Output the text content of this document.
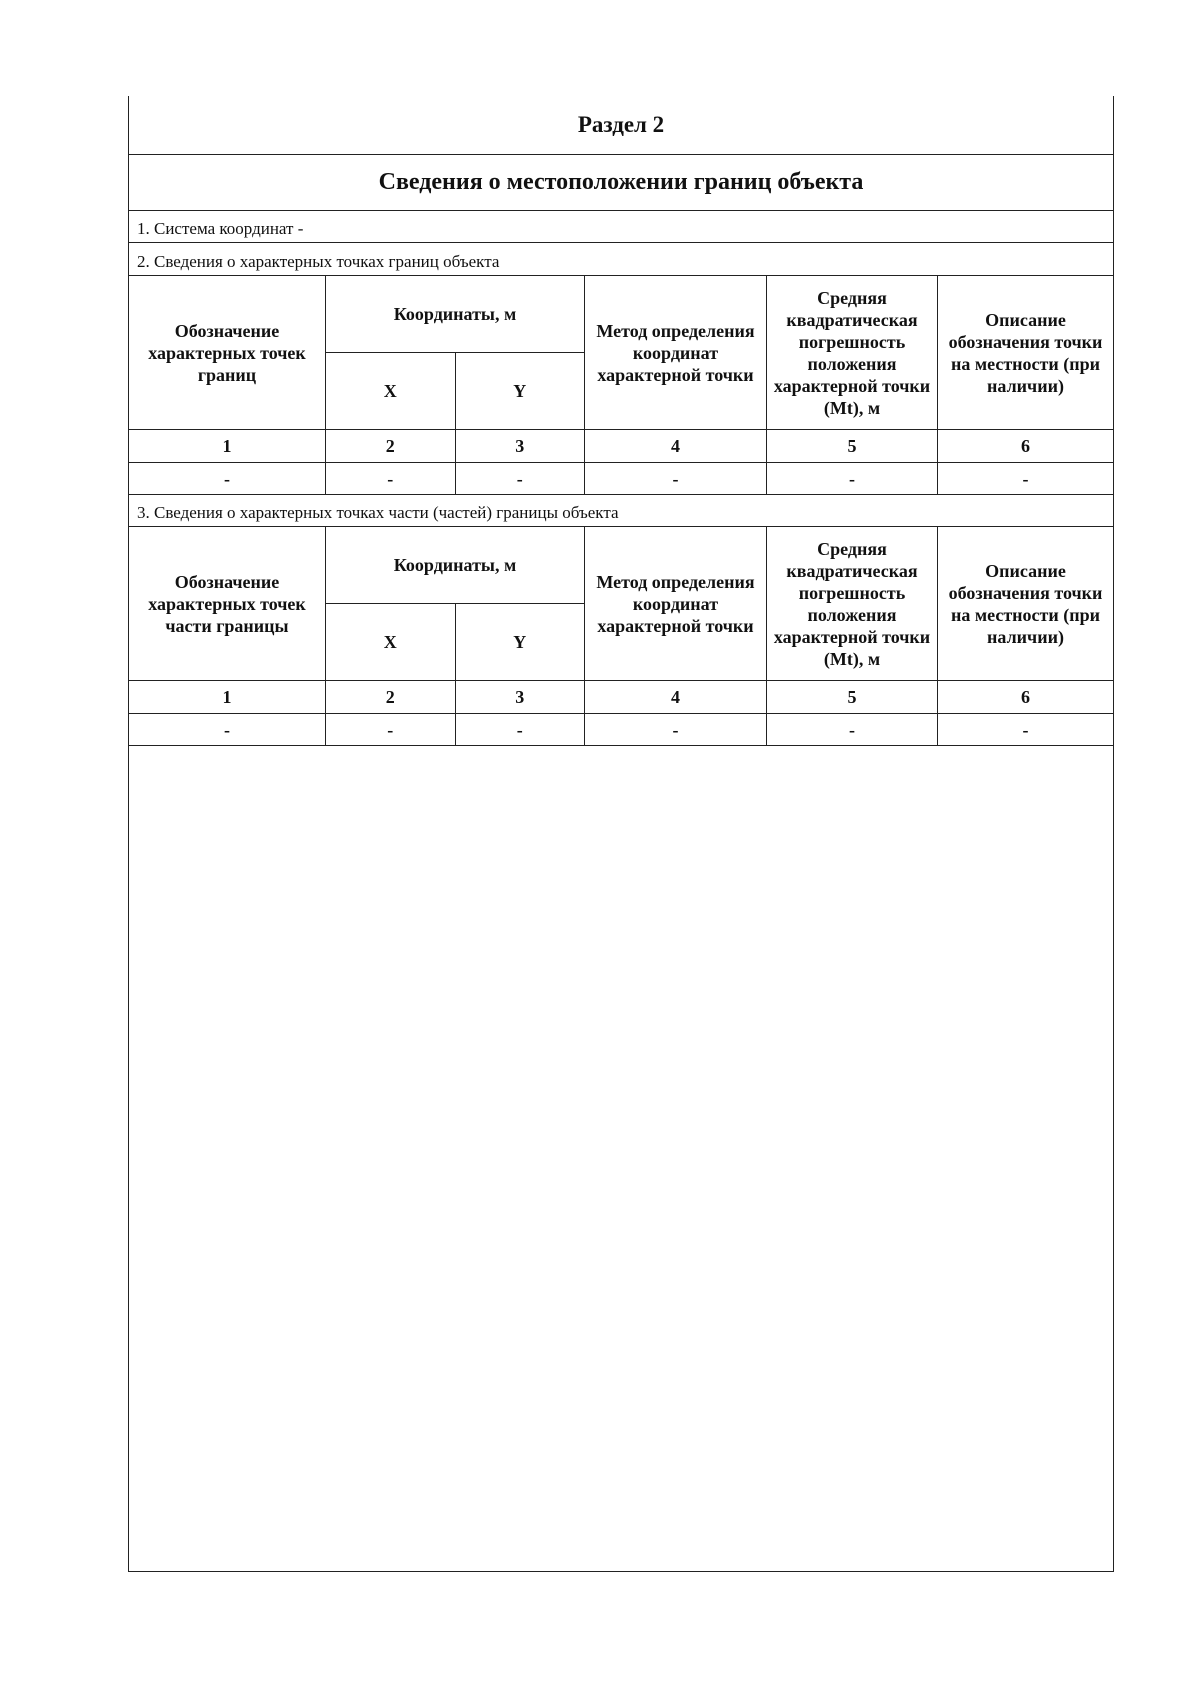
Раздел 2
Сведения о местоположении границ объекта
1. Система координат -
2. Сведения о характерных точках границ объекта
Обозначение характерных точек границ	Координаты, м		Метод определения координат характерной точки	Средняя квадратическая погрешность положения характерной точки (Mt), м	Описание обозначения точки на местности (при наличии)
	X	Y			
1	2	3	4	5	6
-	-	-	-	-	-
3. Сведения о характерных точках части (частей) границы объекта
Обозначение характерных точек части границы	Координаты, м		Метод определения координат характерной точки	Средняя квадратическая погрешность положения характерной точки (Mt), м	Описание обозначения точки на местности (при наличии)
	X	Y			
1	2	3	4	5	6
-	-	-	-	-	-
